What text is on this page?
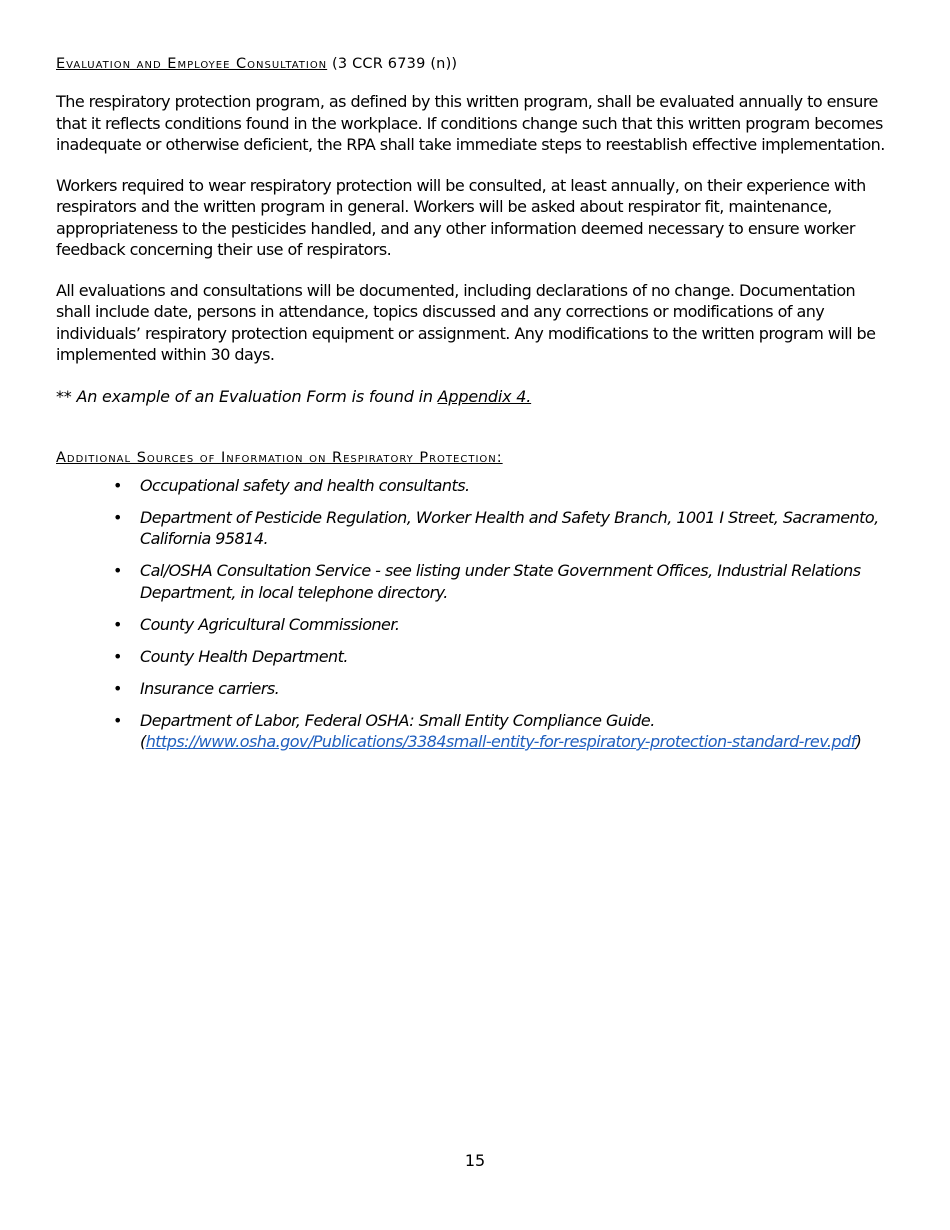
Evaluation and Employee Consultation (3 CCR 6739 (n))

The respiratory protection program, as defined by this written program, shall be evaluated annually to ensure that it reflects conditions found in the workplace. If conditions change such that this written program becomes inadequate or otherwise deficient, the RPA shall take immediate steps to reestablish effective implementation.

Workers required to wear respiratory protection will be consulted, at least annually, on their experience with respirators and the written program in general. Workers will be asked about respirator fit, maintenance, appropriateness to the pesticides handled, and any other information deemed necessary to ensure worker feedback concerning their use of respirators.

All evaluations and consultations will be documented, including declarations of no change. Documentation shall include date, persons in attendance, topics discussed and any corrections or modifications of any individuals’ respiratory protection equipment or assignment. Any modifications to the written program will be implemented within 30 days.

** An example of an Evaluation Form is found in Appendix 4.

Additional Sources of Information on Respiratory Protection:

• Occupational safety and health consultants.
• Department of Pesticide Regulation, Worker Health and Safety Branch, 1001 I Street, Sacramento, California 95814.
• Cal/OSHA Consultation Service - see listing under State Government Offices, Industrial Relations Department, in local telephone directory.
• County Agricultural Commissioner.
• County Health Department.
• Insurance carriers.
• Department of Labor, Federal OSHA: Small Entity Compliance Guide.
(https://www.osha.gov/Publications/3384small-entity-for-respiratory-protection-standard-rev.pdf)
15
